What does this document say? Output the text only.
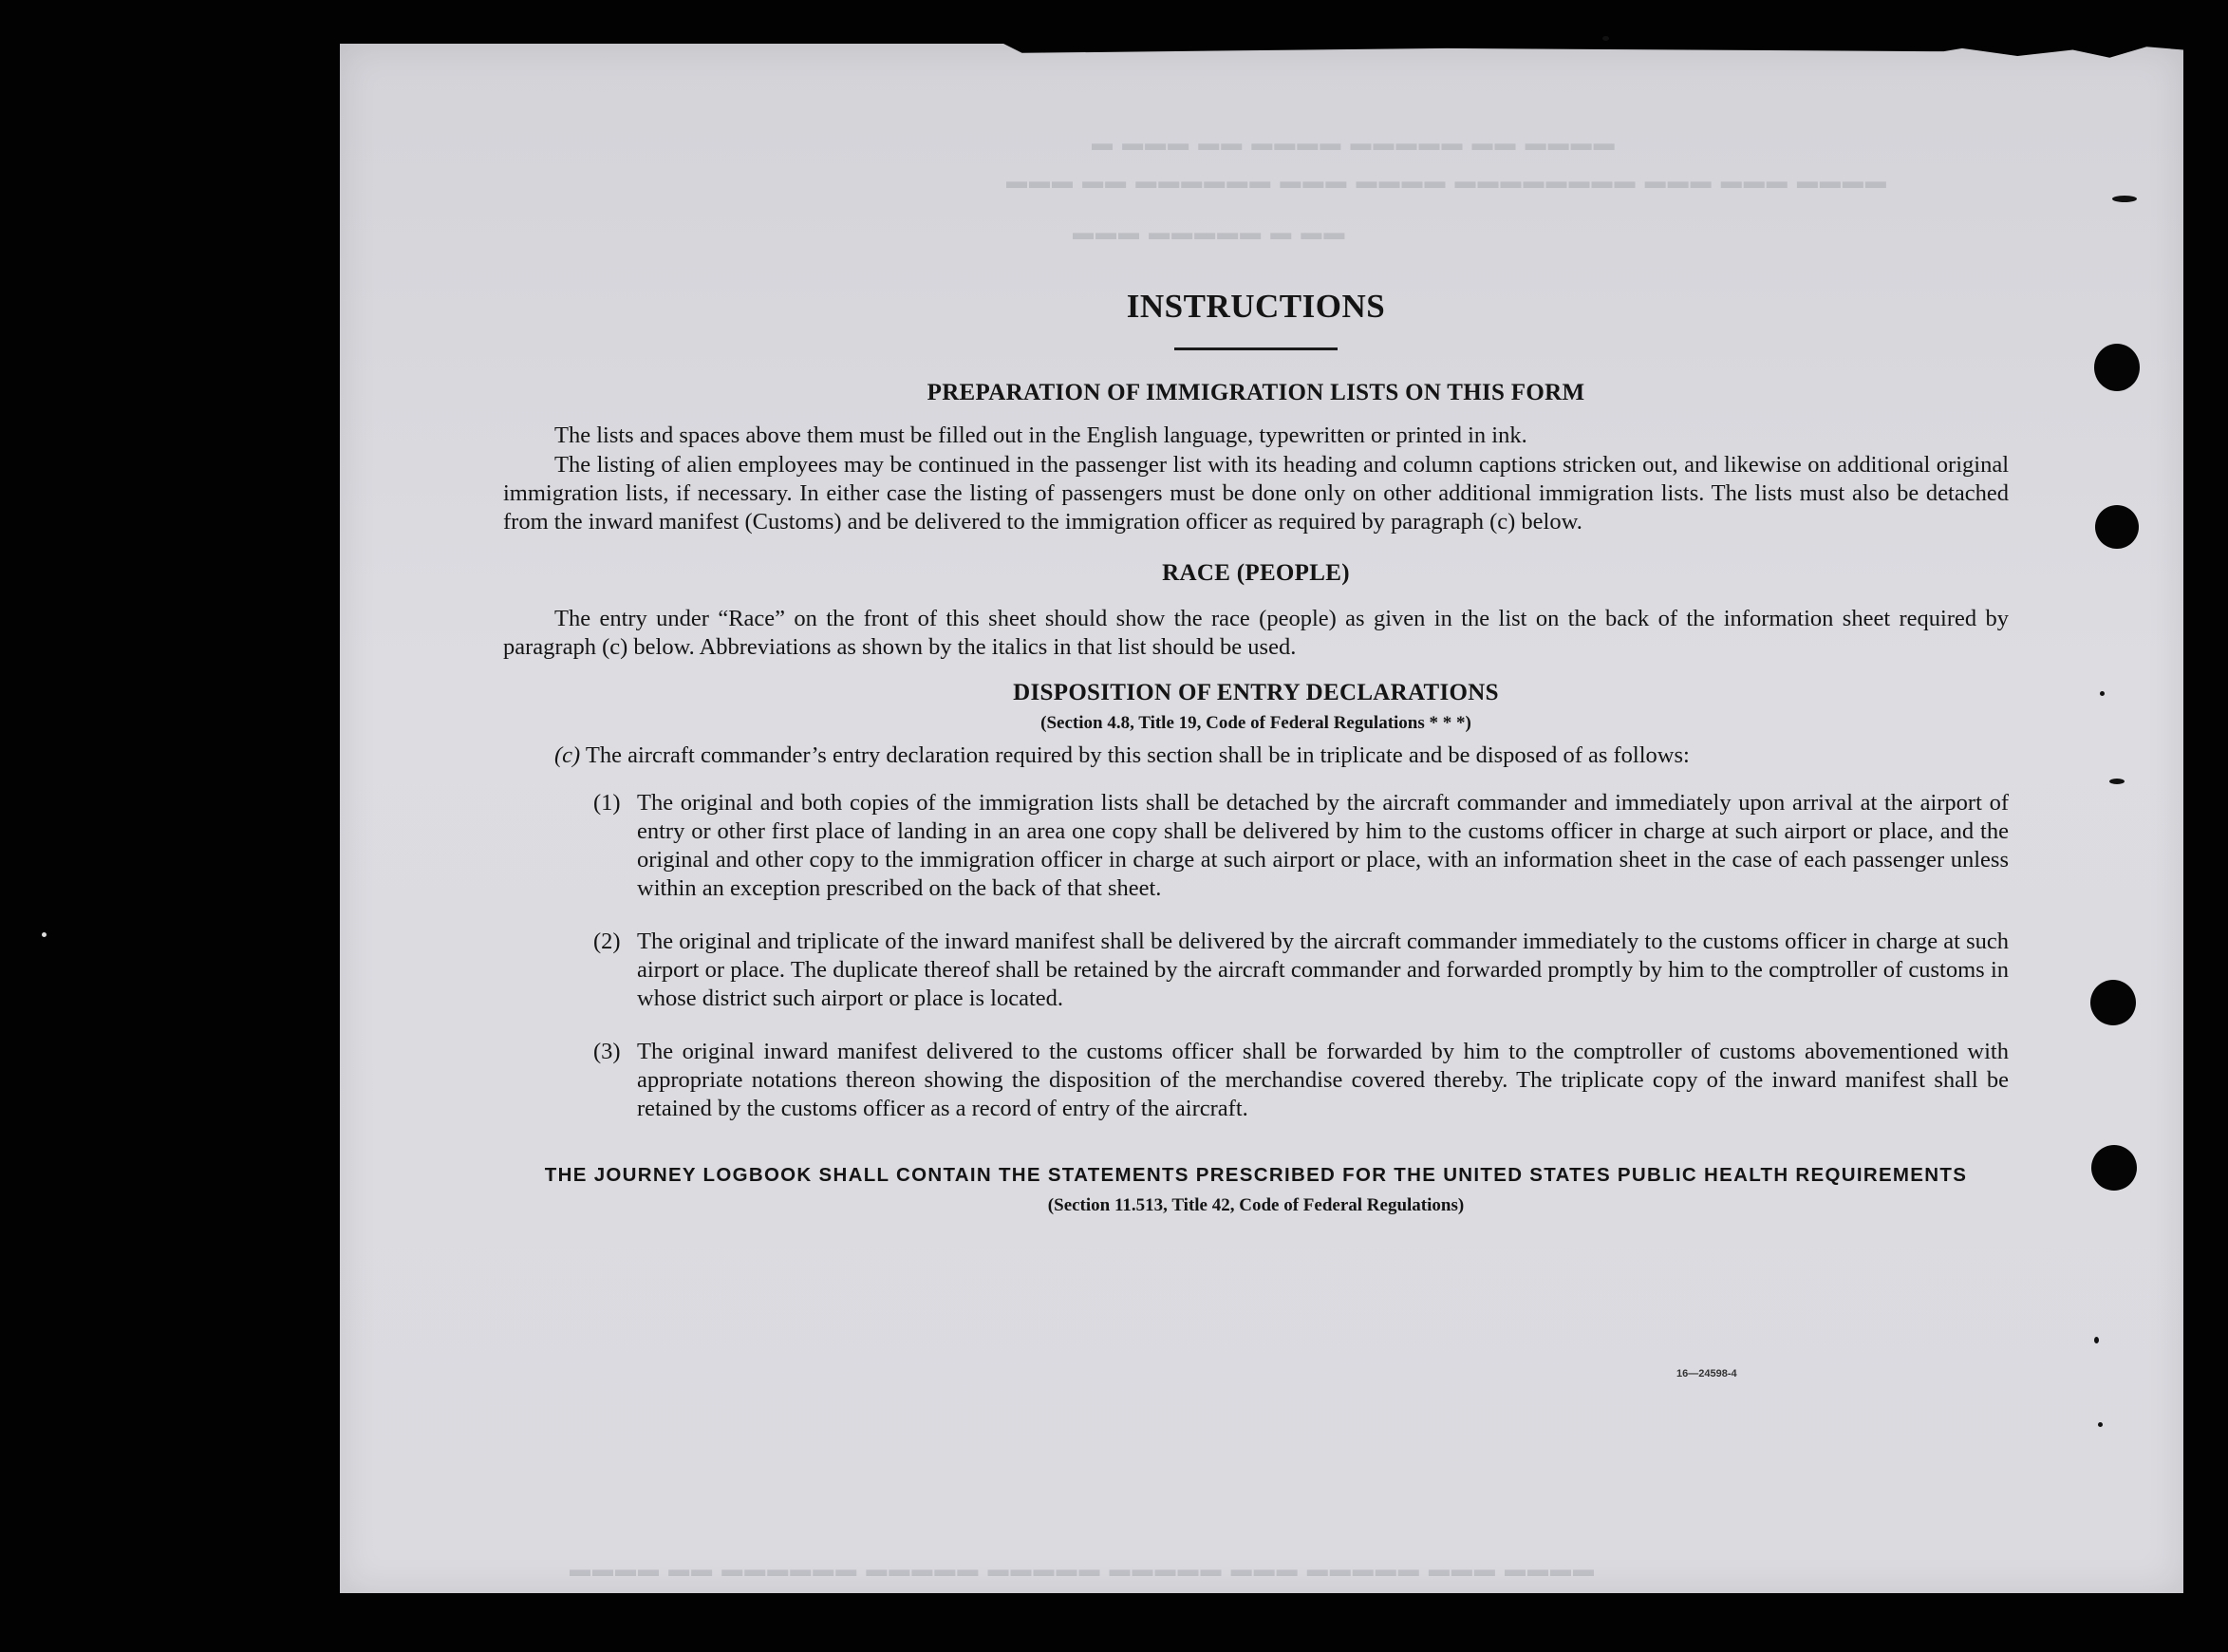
▬ ▬▬▬ ▬▬ ▬▬▬▬ ▬▬▬▬▬ ▬▬ ▬▬▬▬
▬▬▬ ▬▬ ▬▬▬▬▬▬ ▬▬▬ ▬▬▬▬ ▬▬▬▬▬▬▬▬ ▬▬▬ ▬▬▬ ▬▬▬▬
▬▬▬ ▬▬▬▬▬ ▬ ▬▬
▬▬▬▬ ▬▬ ▬▬▬▬▬▬ ▬▬▬▬▬ ▬▬▬▬▬ ▬▬▬▬▬ ▬▬▬ ▬▬▬▬▬ ▬▬▬ ▬▬▬▬
INSTRUCTIONS
PREPARATION OF IMMIGRATION LISTS ON THIS FORM

The lists and spaces above them must be filled out in the English language, typewritten or printed in ink.

The listing of alien employees may be continued in the passenger list with its heading and column captions stricken out, and likewise on additional original immigration lists, if necessary. In either case the listing of passengers must be done only on other additional immigration lists. The lists must also be detached from the inward manifest (Customs) and be delivered to the immigration officer as required by paragraph (c) below.

RACE (PEOPLE)

The entry under “Race” on the front of this sheet should show the race (people) as given in the list on the back of the information sheet required by paragraph (c) below. Abbreviations as shown by the italics in that list should be used.

DISPOSITION OF ENTRY DECLARATIONS
(Section 4.8, Title 19, Code of Federal Regulations * * *)
(c) The aircraft commander’s entry declaration required by this section shall be in triplicate and be disposed of as follows:
(1) The original and both copies of the immigration lists shall be detached by the aircraft commander and immediately upon arrival at the airport of entry or other first place of landing in an area one copy shall be delivered by him to the customs officer in charge at such airport or place, and the original and other copy to the immigration officer in charge at such airport or place, with an information sheet in the case of each passenger unless within an exception prescribed on the back of that sheet.
(2) The original and triplicate of the inward manifest shall be delivered by the aircraft commander immediately to the customs officer in charge at such airport or place. The duplicate thereof shall be retained by the aircraft commander and forwarded promptly by him to the comptroller of customs in whose district such airport or place is located.
(3) The original inward manifest delivered to the customs officer shall be forwarded by him to the comptroller of customs abovementioned with appropriate notations thereon showing the disposition of the merchandise covered thereby. The triplicate copy of the inward manifest shall be retained by the customs officer as a record of entry of the aircraft.
THE JOURNEY LOGBOOK SHALL CONTAIN THE STATEMENTS PRESCRIBED FOR THE UNITED STATES PUBLIC HEALTH REQUIREMENTS
(Section 11.513, Title 42, Code of Federal Regulations)
16—24598-4
